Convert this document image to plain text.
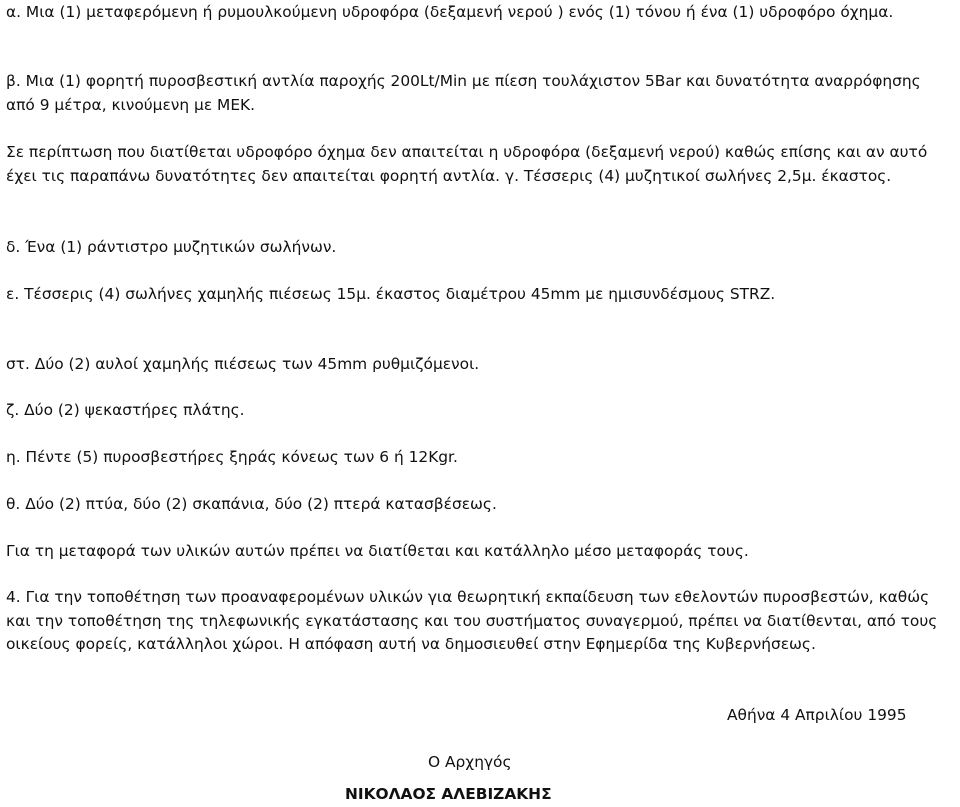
α. Μια (1) μεταφερόμενη ή ρυμουλκούμενη υδροφόρα (δεξαμενή νερού ) ενός (1) τόνου ή ένα (1) υδροφόρο όχημα.

β. Μια (1) φορητή πυροσβεστική αντλία παροχής 200Lt/Min με πίεση τουλάχιστον 5Bar και δυνατότητα αναρρόφησης από 9 μέτρα, κινούμενη με ΜΕΚ.

Σε περίπτωση που διατίθεται υδροφόρο όχημα δεν απαιτείται η υδροφόρα (δεξαμενή νερού) καθώς επίσης και αν αυτό έχει τις παραπάνω δυνατότητες δεν απαιτείται φορητή αντλία. γ. Τέσσερις (4) μυζητικοί σωλήνες 2,5μ. έκαστος.

δ. Ένα (1) ράντιστρο μυζητικών σωλήνων.

ε. Τέσσερις (4) σωλήνες χαμηλής πιέσεως 15μ. έκαστος διαμέτρου 45mm με ημισυνδέσμους STRZ.

στ. Δύο (2) αυλοί χαμηλής πιέσεως των 45mm ρυθμιζόμενοι.

ζ. Δύο (2) ψεκαστήρες πλάτης.

η. Πέντε (5) πυροσβεστήρες ξηράς κόνεως των 6 ή 12Kgr.

θ. Δύο (2) πτύα, δύο (2) σκαπάνια, δύο (2) πτερά κατασβέσεως.

Για τη μεταφορά των υλικών αυτών πρέπει να διατίθεται και κατάλληλο μέσο μεταφοράς τους.

4. Για την τοποθέτηση των προαναφερομένων υλικών για θεωρητική εκπαίδευση των εθελοντών πυροσβεστών, καθώς και την τοποθέτηση της τηλεφωνικής εγκατάστασης και του συστήματος συναγερμού, πρέπει να διατίθενται, από τους οικείους φορείς, κατάλληλοι χώροι. Η απόφαση αυτή να δημοσιευθεί στην Εφημερίδα της Κυβερνήσεως.

Αθήνα 4 Απριλίου 1995
Ο Αρχηγός
ΝΙΚΟΛΑΟΣ ΑΛΕΒΙΖΑΚΗΣ
